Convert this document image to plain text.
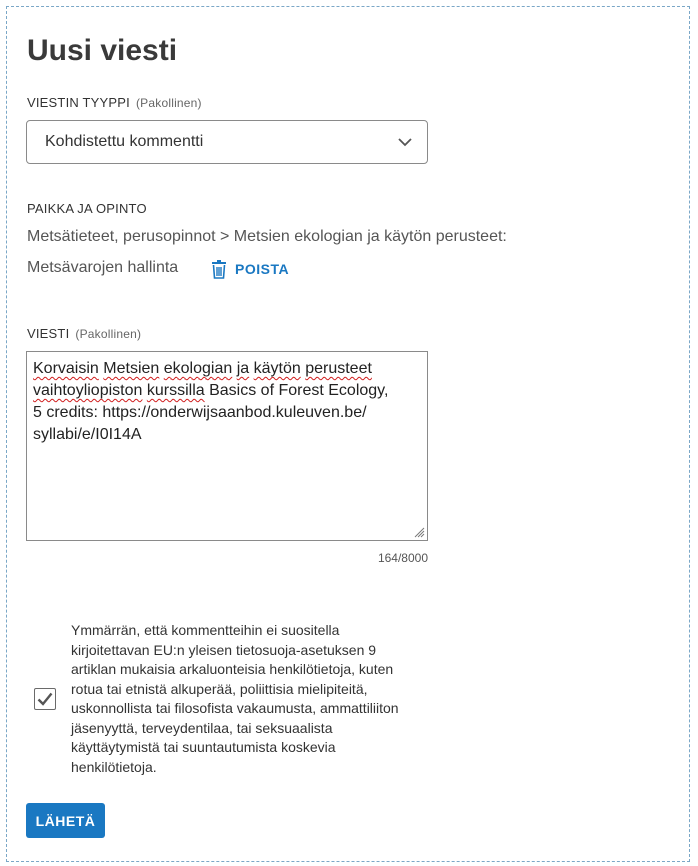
Uusi viesti
VIESTIN TYYPPI (Pakollinen)
Kohdistettu kommentti
PAIKKA JA OPINTO
Metsätieteet, perusopinnot > Metsien ekologian ja käytön perusteet:
Metsävarojen hallinta	POISTA
VIESTI (Pakollinen)
Korvaisin Metsien ekologian ja käytön perusteet
vaihtoyliopiston kurssilla Basics of Forest Ecology,
5 credits: https://onderwijsaanbod.kuleuven.be/
syllabi/e/I0I14A
164/8000
Ymmärrän, että kommentteihin ei suositella kirjoitettavan EU:n yleisen tietosuoja-asetuksen 9 artiklan mukaisia arkaluonteisia henkilötietoja, kuten rotua tai etnistä alkuperää, poliittisia mielipiteitä, uskonnollista tai filosofista vakaumusta, ammattiliiton jäsenyyttä, terveydentilaa, tai seksuaalista käyttäytymistä tai suuntautumista koskevia henkilötietoja.
LÄHETÄ
